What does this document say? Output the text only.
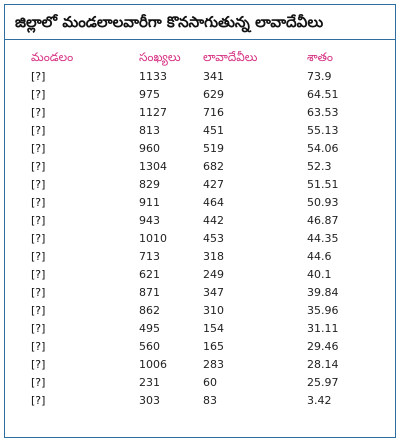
జిల్లాలో మండలాలవారీగా కొనసాగుతున్న లావాదేవీలు
మండలం	సంఖ్యలు	లావాదేవీలు	శాతం
[?]	1133	341	73.9
[?]	975	629	64.51
[?]	1127	716	63.53
[?]	813	451	55.13
[?]	960	519	54.06
[?]	1304	682	52.3
[?]	829	427	51.51
[?]	911	464	50.93
[?]	943	442	46.87
[?]	1010	453	44.35
[?]	713	318	44.6
[?]	621	249	40.1
[?]	871	347	39.84
[?]	862	310	35.96
[?]	495	154	31.11
[?]	560	165	29.46
[?]	1006	283	28.14
[?]	231	60	25.97
[?]	303	83	3.42
